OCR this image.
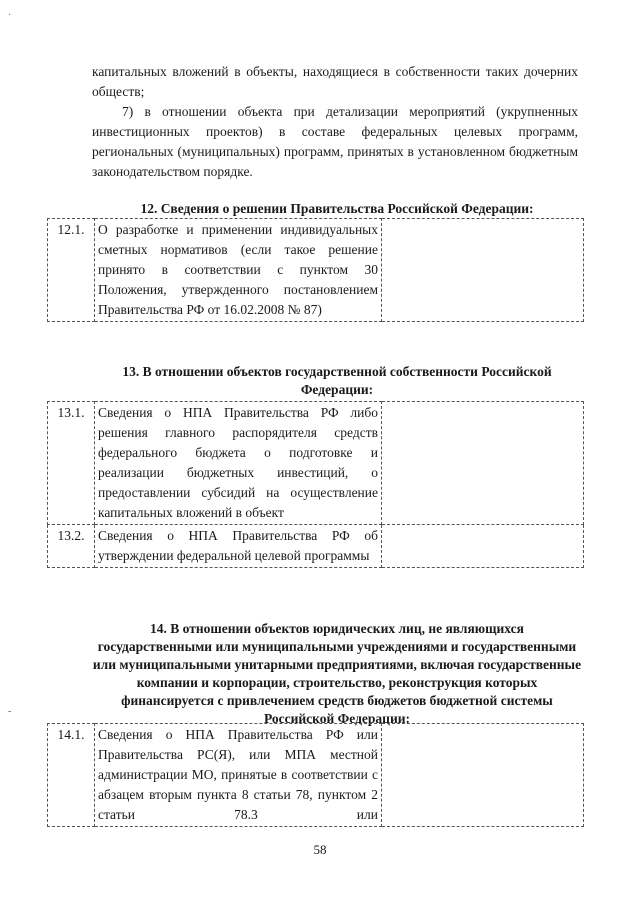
·
-
капитальных вложений в объекты, находящиеся в собственности таких дочерних обществ;
7) в отношении объекта при детализации мероприятий (укрупненных инвестиционных проектов) в составе федеральных целевых программ, региональных (муниципальных) программ, принятых в установленном бюджетным законодательством порядке.
12. Сведения о решении Правительства Российской Федерации:
12.1.	О разработке и применении индивидуальных сметных нормативов (если такое решение принято в соответствии с пунктом 30 Положения, утвержденного постановлением Правительства РФ от 16.02.2008 № 87)	
13. В отношении объектов государственной собственности Российской Федерации:
13.1.	Сведения о НПА Правительства РФ либо решения главного распорядителя средств федерального бюджета о подготовке и реализации бюджетных инвестиций, о предоставлении субсидий на осуществление капитальных вложений в объект	
13.2.	Сведения о НПА Правительства РФ об утверждении федеральной целевой программы	
14. В отношении объектов юридических лиц, не являющихся государственными или муниципальными учреждениями и государственными или муниципальными унитарными предприятиями, включая государственные компании и корпорации, строительство, реконструкция которых финансируется с привлечением средств бюджетов бюджетной системы Российской Федерации:
14.1.	Сведения о НПА Правительства РФ или Правительства РС(Я), или МПА местной администрации МО, принятые в соответствии с абзацем вторым пункта 8 статьи 78, пунктом 2 статьи 78.3 или	
58
